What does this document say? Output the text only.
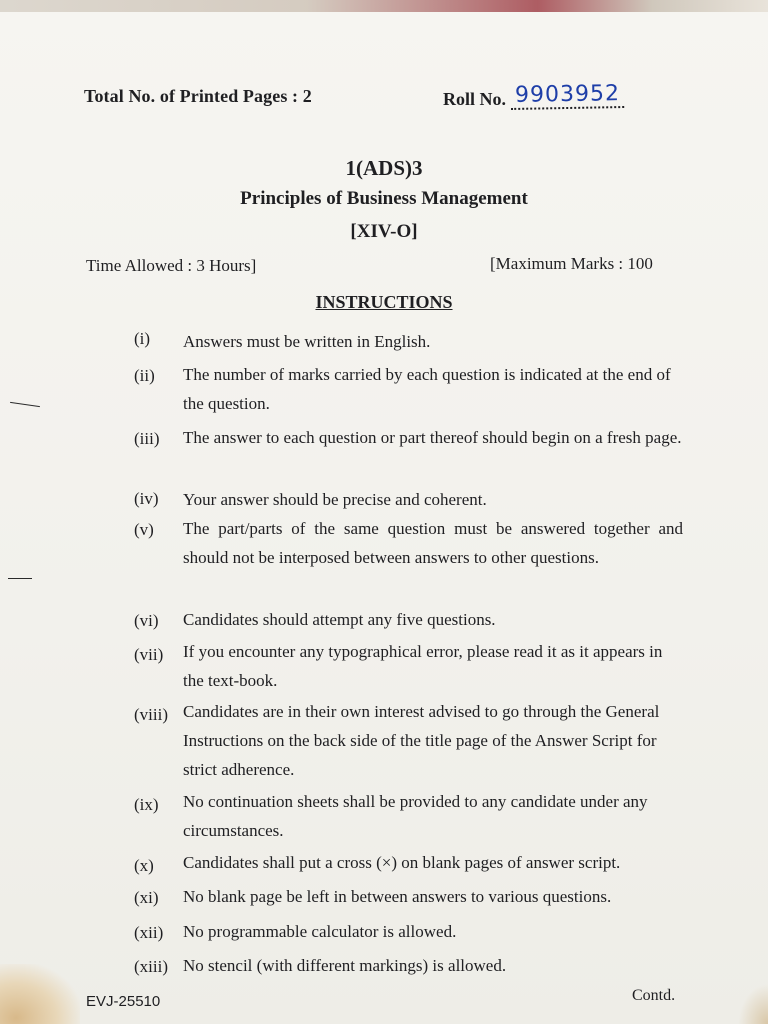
Total No. of Printed Pages : 2	Roll No. 9903952
1(ADS)3
Principles of Business Management
[XIV-O]
Time Allowed : 3 Hours]	[Maximum Marks : 100
INSTRUCTIONS
(i) Answers must be written in English.
(ii) The number of marks carried by each question is indicated at the end of the question.
(iii) The answer to each question or part thereof should begin on a fresh page.
(iv) Your answer should be precise and coherent.
(v) The part/parts of the same question must be answered together and should not be interposed between answers to other questions.
(vi) Candidates should attempt any five questions.
(vii) If you encounter any typographical error, please read it as it appears in the text-book.
(viii) Candidates are in their own interest advised to go through the General Instructions on the back side of the title page of the Answer Script for strict adherence.
(ix) No continuation sheets shall be provided to any candidate under any circumstances.
(x) Candidates shall put a cross (×) on blank pages of answer script.
(xi) No blank page be left in between answers to various questions.
(xii) No programmable calculator is allowed.
(xiii) No stencil (with different markings) is allowed.
EVJ-25510	Contd.
